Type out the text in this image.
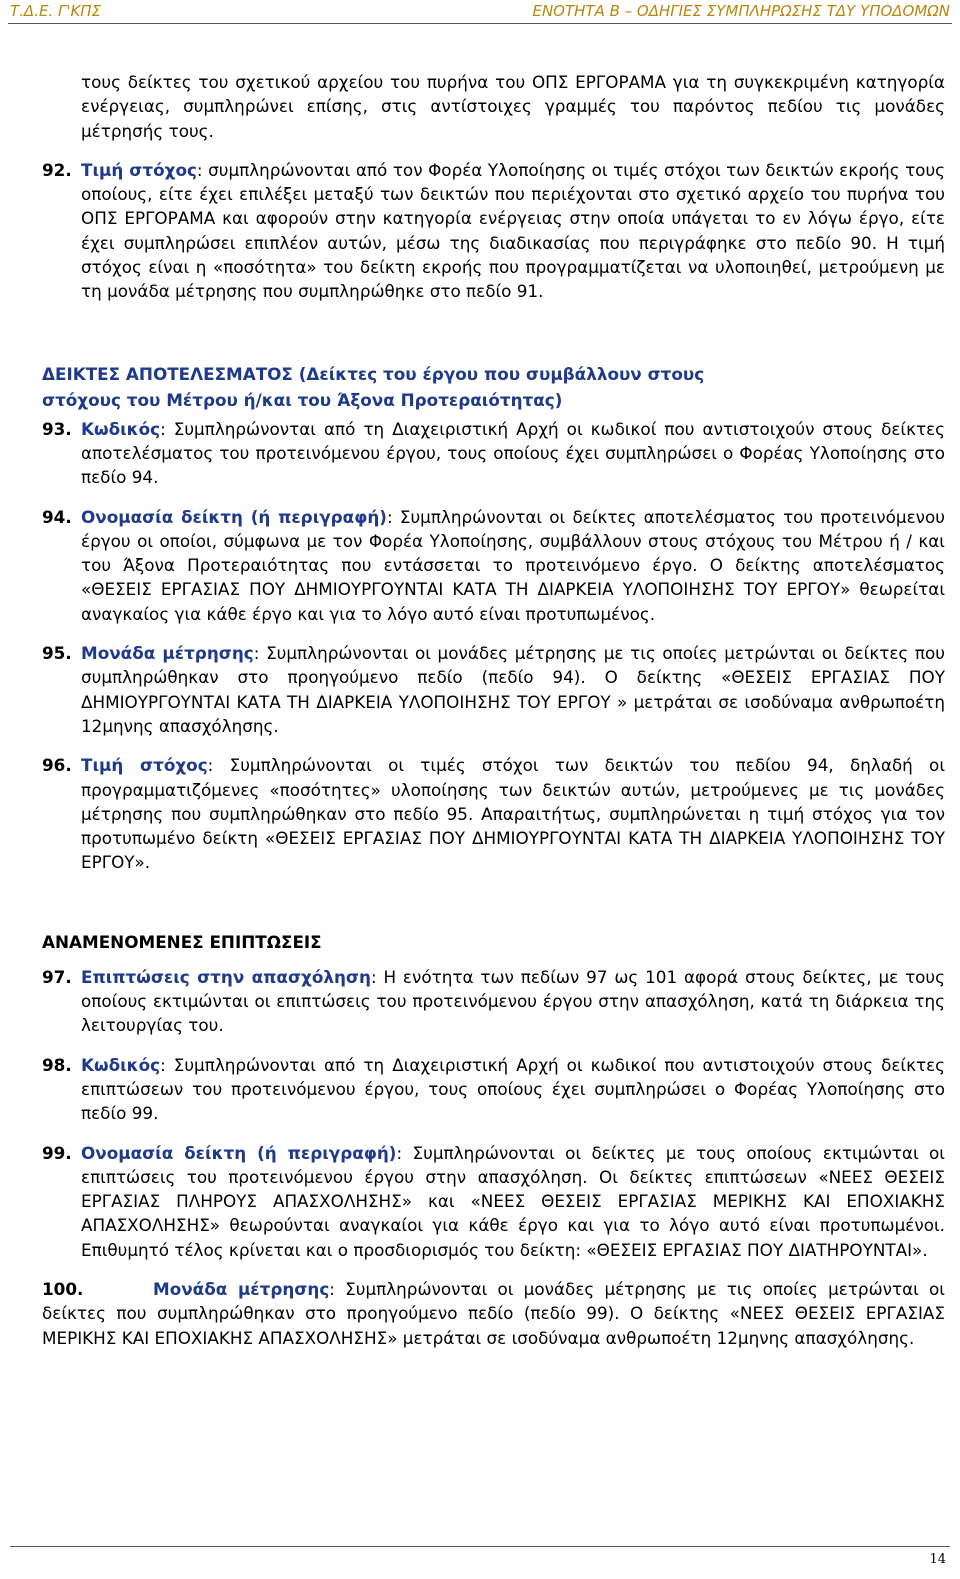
Τ.Δ.Ε. Γ'ΚΠΣ	ΕΝΟΤΗΤΑ Β – ΟΔΗΓΙΕΣ ΣΥΜΠΛΗΡΩΣΗΣ ΤΔΥ ΥΠΟΔΟΜΩΝ

τους δείκτες του σχετικού αρχείου του πυρήνα του ΟΠΣ ΕΡΓΟΡΑΜΑ για τη συγκεκριμένη κατηγορία ενέργειας, συμπληρώνει επίσης, στις αντίστοιχες γραμμές του παρόντος πεδίου τις μονάδες μέτρησής τους.

92. Τιμή στόχος: συμπληρώνονται από τον Φορέα Υλοποίησης οι τιμές στόχοι των δεικτών εκροής τους οποίους, είτε έχει επιλέξει μεταξύ των δεικτών που περιέχονται στο σχετικό αρχείο του πυρήνα του ΟΠΣ ΕΡΓΟΡΑΜΑ και αφορούν στην κατηγορία ενέργειας στην οποία υπάγεται το εν λόγω έργο, είτε έχει συμπληρώσει επιπλέον αυτών, μέσω της διαδικασίας που περιγράφηκε στο πεδίο 90. Η τιμή στόχος είναι η «ποσότητα» του δείκτη εκροής που προγραμματίζεται να υλοποιηθεί, μετρούμενη με τη μονάδα μέτρησης που συμπληρώθηκε στο πεδίο 91.

ΔΕΙΚΤΕΣ ΑΠΟΤΕΛΕΣΜΑΤΟΣ (Δείκτες του έργου που συμβάλλουν στους

στόχους του Μέτρου ή/και του Άξονα Προτεραιότητας)

93. Κωδικός: Συμπληρώνονται από τη Διαχειριστική Αρχή οι κωδικοί που αντιστοιχούν στους δείκτες αποτελέσματος του προτεινόμενου έργου, τους οποίους έχει συμπληρώσει ο Φορέας Υλοποίησης στο πεδίο 94.

94. Ονομασία δείκτη (ή περιγραφή): Συμπληρώνονται οι δείκτες αποτελέσματος του προτεινόμενου έργου οι οποίοι, σύμφωνα με τον Φορέα Υλοποίησης, συμβάλλουν στους στόχους του Μέτρου ή / και του Άξονα Προτεραιότητας που εντάσσεται το προτεινόμενο έργο. Ο δείκτης αποτελέσματος «ΘΕΣΕΙΣ ΕΡΓΑΣΙΑΣ ΠΟΥ ΔΗΜΙΟΥΡΓΟΥΝΤΑΙ ΚΑΤΑ ΤΗ ΔΙΑΡΚΕΙΑ ΥΛΟΠΟΙΗΣΗΣ ΤΟΥ ΕΡΓΟΥ» θεωρείται αναγκαίος για κάθε έργο και για το λόγο αυτό είναι προτυπωμένος.

95. Μονάδα μέτρησης: Συμπληρώνονται οι μονάδες μέτρησης με τις οποίες μετρώνται οι δείκτες που συμπληρώθηκαν στο προηγούμενο πεδίο (πεδίο 94). Ο δείκτης «ΘΕΣΕΙΣ ΕΡΓΑΣΙΑΣ ΠΟΥ ΔΗΜΙΟΥΡΓΟΥΝΤΑΙ ΚΑΤΑ ΤΗ ΔΙΑΡΚΕΙΑ ΥΛΟΠΟΙΗΣΗΣ ΤΟΥ ΕΡΓΟΥ » μετράται σε ισοδύναμα ανθρωπoέτη 12μηνης απασχόλησης.

96. Τιμή στόχος: Συμπληρώνονται οι τιμές στόχοι των δεικτών του πεδίου 94, δηλαδή οι προγραμματιζόμενες «ποσότητες» υλοποίησης των δεικτών αυτών, μετρούμενες με τις μονάδες μέτρησης που συμπληρώθηκαν στο πεδίο 95. Απαραιτήτως, συμπληρώνεται η τιμή στόχος για τον προτυπωμένο δείκτη «ΘΕΣΕΙΣ ΕΡΓΑΣΙΑΣ ΠΟΥ ΔΗΜΙΟΥΡΓΟΥΝΤΑΙ ΚΑΤΑ ΤΗ ΔΙΑΡΚΕΙΑ ΥΛΟΠΟΙΗΣΗΣ ΤΟΥ ΕΡΓΟΥ».

ΑΝΑΜΕΝΟΜΕΝΕΣ ΕΠΙΠΤΩΣΕΙΣ

97. Επιπτώσεις στην απασχόληση: Η ενότητα των πεδίων 97 ως 101 αφορά στους δείκτες, με τους οποίους εκτιμώνται οι επιπτώσεις του προτεινόμενου έργου στην απασχόληση, κατά τη διάρκεια της λειτουργίας του.

98. Κωδικός: Συμπληρώνονται από τη Διαχειριστική Αρχή οι κωδικοί που αντιστοιχούν στους δείκτες επιπτώσεων του προτεινόμενου έργου, τους οποίους έχει συμπληρώσει ο Φορέας Υλοποίησης στο πεδίο 99.

99. Ονομασία δείκτη (ή περιγραφή): Συμπληρώνονται οι δείκτες με τους οποίους εκτιμώνται οι επιπτώσεις του προτεινόμενου έργου στην απασχόληση. Οι δείκτες επιπτώσεων «ΝΕΕΣ ΘΕΣΕΙΣ ΕΡΓΑΣΙΑΣ ΠΛΗΡΟΥΣ ΑΠΑΣΧΟΛΗΣΗΣ» και «ΝΕΕΣ ΘΕΣΕΙΣ ΕΡΓΑΣΙΑΣ ΜΕΡΙΚΗΣ ΚΑΙ ΕΠΟΧΙΑΚΗΣ ΑΠΑΣΧΟΛΗΣΗΣ» θεωρούνται αναγκαίοι για κάθε έργο και για το λόγο αυτό είναι προτυπωμένοι. Επιθυμητό τέλος κρίνεται και ο προσδιορισμός του δείκτη: «ΘΕΣΕΙΣ ΕΡΓΑΣΙΑΣ ΠΟΥ ΔΙΑΤΗΡΟΥΝΤΑΙ».

100.	Μονάδα μέτρησης: Συμπληρώνονται οι μονάδες μέτρησης με τις οποίες μετρώνται οι δείκτες που συμπληρώθηκαν στο προηγούμενο πεδίο (πεδίο 99). Ο δείκτης «ΝΕΕΣ ΘΕΣΕΙΣ ΕΡΓΑΣΙΑΣ ΜΕΡΙΚΗΣ ΚΑΙ ΕΠΟΧΙΑΚΗΣ ΑΠΑΣΧΟΛΗΣΗΣ» μετράται σε ισοδύναμα ανθρωποέτη 12μηνης απασχόλησης.

14
